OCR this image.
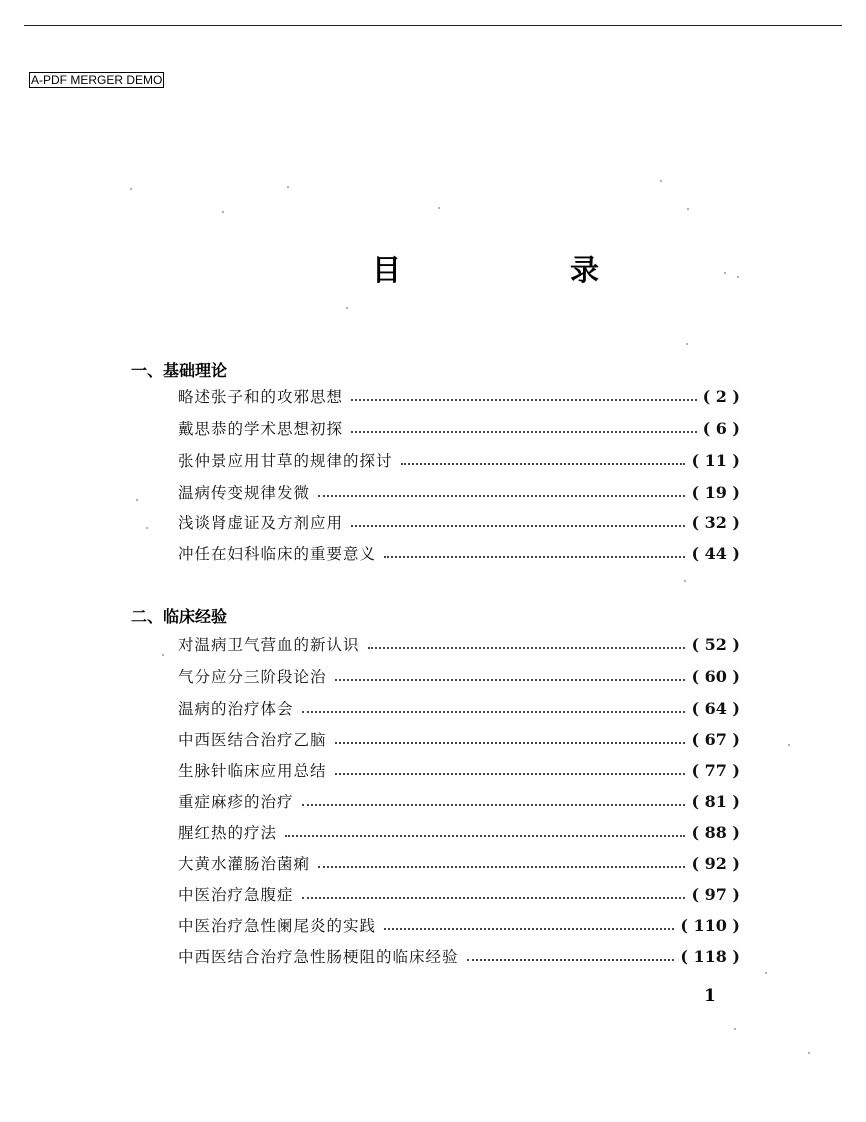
A-PDF MERGER DEMO
目　录
一、基础理论
略述张子和的攻邪思想	( 2 )
戴思恭的学术思想初探	( 6 )
张仲景应用甘草的规律的探讨	( 11 )
温病传变规律发微	( 19 )
浅谈肾虚证及方剂应用	( 32 )
冲任在妇科临床的重要意义	( 44 )
二、临床经验
对温病卫气营血的新认识	( 52 )
气分应分三阶段论治	( 60 )
温病的治疗体会	( 64 )
中西医结合治疗乙脑	( 67 )
生脉针临床应用总结	( 77 )
重症麻疹的治疗	( 81 )
腥红热的疗法	( 88 )
大黄水灌肠治菌痢	( 92 )
中医治疗急腹症	( 97 )
中医治疗急性阑尾炎的实践	( 110 )
中西医结合治疗急性肠梗阻的临床经验	( 118 )
1
